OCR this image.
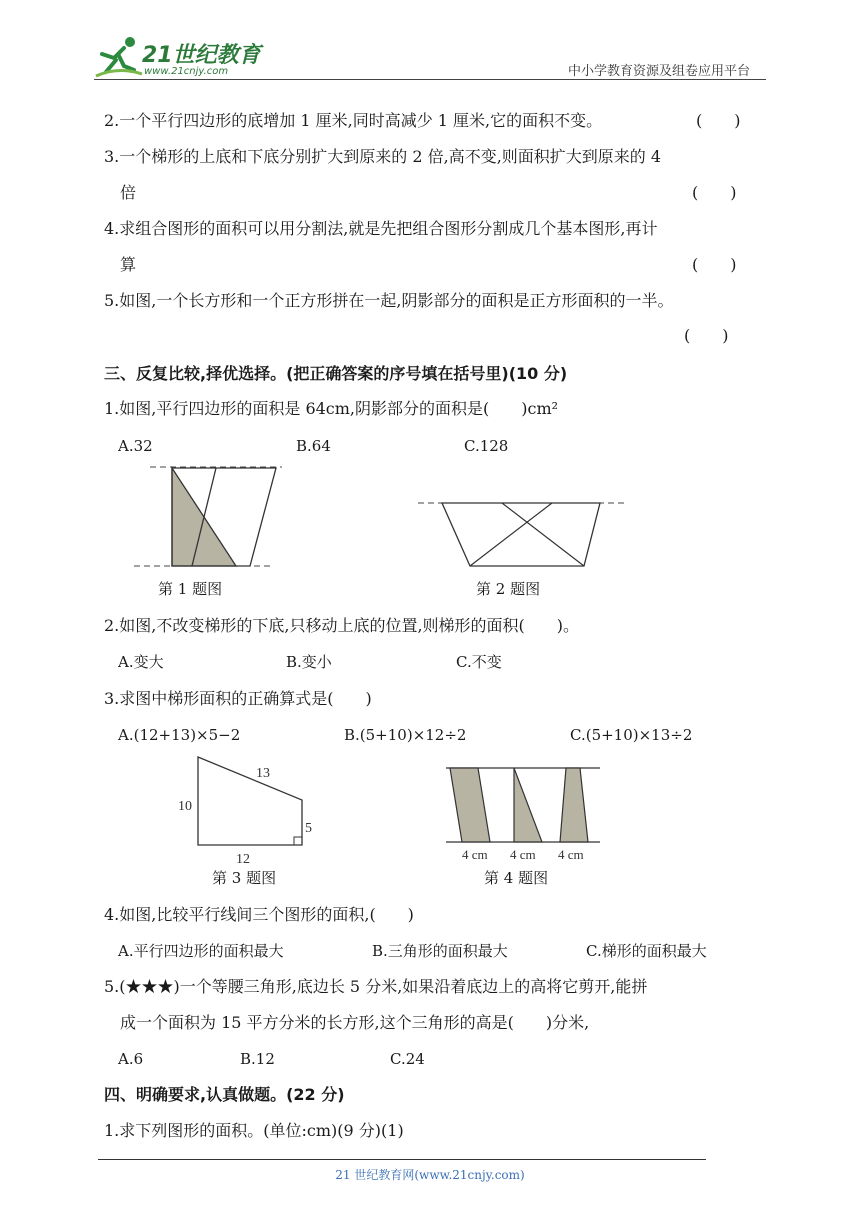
21世纪教育
www.21cnjy.com	中小学教育资源及组卷应用平台
2.一个平行四边形的底增加 1 厘米,同时高减少 1 厘米,它的面积不变。	(　　)
3.一个梯形的上底和下底分别扩大到原来的 2 倍,高不变,则面积扩大到原来的 4
倍	(　　)
4.求组合图形的面积可以用分割法,就是先把组合图形分割成几个基本图形,再计
算	(　　)
5.如图,一个长方形和一个正方形拼在一起,阴影部分的面积是正方形面积的一半。
(　　)
三、反复比较,择优选择。(把正确答案的序号填在括号里)(10 分)
1.如图,平行四边形的面积是 64cm,阴影部分的面积是(　　)cm²
A.32	B.64	C.128
第 1 题图	第 2 题图
2.如图,不改变梯形的下底,只移动上底的位置,则梯形的面积(　　)。
A.变大	B.变小	C.不变
3.求图中梯形面积的正确算式是(　　)
A.(12+13)×5−2	B.(5+10)×12÷2	C.(5+10)×13÷2
13
10
5
12
第 3 题图
4 cm 4 cm 4 cm
第 4 题图
4.如图,比较平行线间三个图形的面积,(　　)
A.平行四边形的面积最大	B.三角形的面积最大	C.梯形的面积最大
5.(★★★)一个等腰三角形,底边长 5 分米,如果沿着底边上的高将它剪开,能拼
成一个面积为 15 平方分米的长方形,这个三角形的高是(　　)分米,
A.6	B.12	C.24
四、明确要求,认真做题。(22 分)
1.求下列图形的面积。(单位:cm)(9 分)(1)
21 世纪教育网(www.21cnjy.com)
